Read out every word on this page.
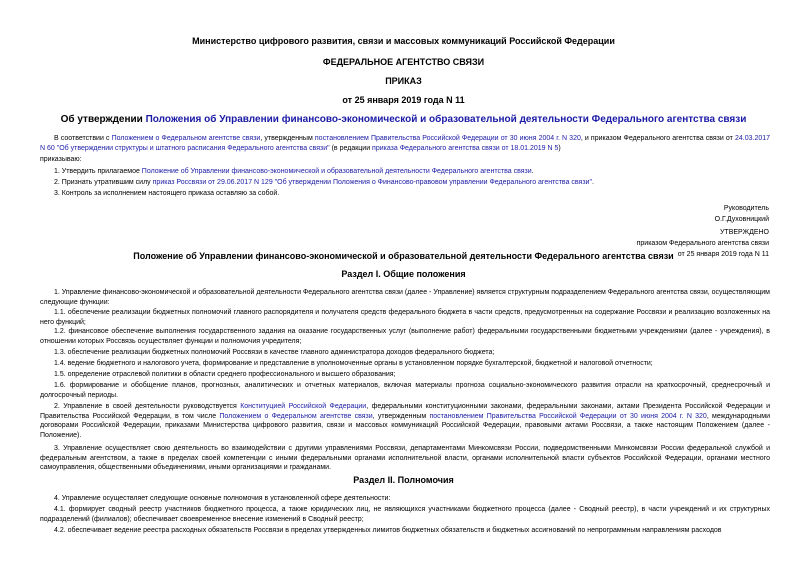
Министерство цифрового развития, связи и массовых коммуникаций Российской Федерации
ФЕДЕРАЛЬНОЕ АГЕНТСТВО СВЯЗИ
ПРИКАЗ
от 25 января 2019 года N 11
Об утверждении Положения об Управлении финансово-экономической и образовательной деятельности Федерального агентства связи
В соответствии с Положением о Федеральном агентстве связи, утвержденным постановлением Правительства Российской Федерации от 30 июня 2004 г. N 320, и приказом Федерального агентства связи от 24.03.2017 N 60 "Об утверждении структуры и штатного расписания Федерального агентства связи" (в редакции приказа Федерального агентства связи от 18.01.2019 N 5)
приказываю:
1. Утвердить прилагаемое Положение об Управлении финансово-экономической и образовательной деятельности Федерального агентства связи.
2. Признать утратившим силу приказ Россвязи от 29.06.2017 N 129 "Об утверждении Положения о Финансово-правовом управлении Федерального агентства связи".
3. Контроль за исполнением настоящего приказа оставляю за собой.
Руководитель
О.Г.Духовницкий
УТВЕРЖДЕНО
приказом Федерального агентства связи
от 25 января 2019 года N 11
Положение об Управлении финансово-экономической и образовательной деятельности Федерального агентства связи
Раздел I. Общие положения
1. Управление финансово-экономической и образовательной деятельности Федерального агентства связи (далее - Управление) является структурным подразделением Федерального агентства связи, осуществляющим следующие функции:
1.1. обеспечение реализации бюджетных полномочий главного распорядителя и получателя средств федерального бюджета в части средств, предусмотренных на содержание Россвязи и реализацию возложенных на него функций;
1.2. финансовое обеспечение выполнения государственного задания на оказание государственных услуг (выполнение работ) федеральными государственными бюджетными учреждениями (далее - учреждения), в отношении которых Россвязь осуществляет функции и полномочия учредителя;
1.3. обеспечение реализации бюджетных полномочий Россвязи в качестве главного администратора доходов федерального бюджета;
1.4. ведение бюджетного и налогового учета, формирование и представление в уполномоченные органы в установленном порядке бухгалтерской, бюджетной и налоговой отчетности;
1.5. определение отраслевой политики в области среднего профессионального и высшего образования;
1.6. формирование и обобщение планов, прогнозных, аналитических и отчетных материалов, включая материалы прогноза социально-экономического развития отрасли на краткосрочный, среднесрочный и долгосрочный периоды.
2. Управление в своей деятельности руководствуется Конституцией Российской Федерации, федеральными конституционными законами, федеральными законами, актами Президента Российской Федерации и Правительства Российской Федерации, в том числе Положением о Федеральном агентстве связи, утвержденным постановлением Правительства Российской Федерации от 30 июня 2004 г. N 320, международными договорами Российской Федерации, приказами Министерства цифрового развития, связи и массовых коммуникаций Российской Федерации, правовыми актами Россвязи, а также настоящим Положением (далее - Положение).
3. Управление осуществляет свою деятельность во взаимодействии с другими управлениями Россвязи, департаментами Минкомсвязи России, подведомственными Минкомсвязи России федеральной службой и федеральным агентством, а также в пределах своей компетенции с иными федеральными органами исполнительной власти, органами исполнительной власти субъектов Российской Федерации, органами местного самоуправления, общественными объединениями, иными организациями и гражданами.
Раздел II. Полномочия
4. Управление осуществляет следующие основные полномочия в установленной сфере деятельности:
4.1. формирует сводный реестр участников бюджетного процесса, а также юридических лиц, не являющихся участниками бюджетного процесса (далее - Сводный реестр), в части учреждений и их структурных подразделений (филиалов); обеспечивает своевременное внесение изменений в Сводный реестр;
4.2. обеспечивает ведение реестра расходных обязательств Россвязи в пределах утвержденных лимитов бюджетных обязательств и бюджетных ассигнований по непрограммным направлениям расходов
